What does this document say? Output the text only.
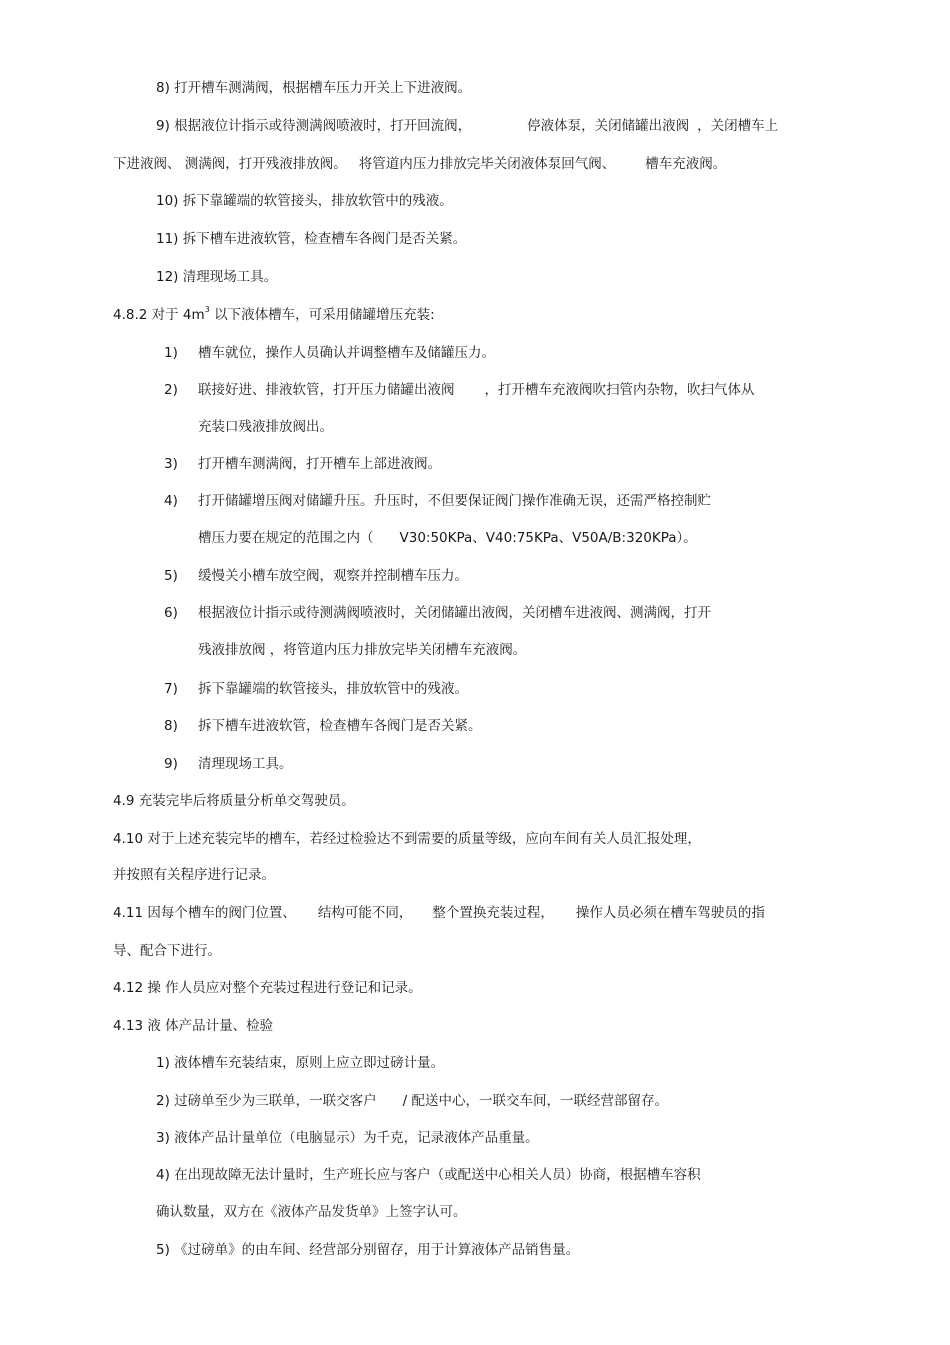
8) 打开槽车测满阀，根据槽车压力开关上下进液阀。
9) 根据液位计指示或待测满阀喷液时，打开回流阀，	停液体泵，关闭储罐出液阀 ，关闭槽车上
下进液阀、 测满阀，打开残液排放阀。 将管道内压力排放完毕关闭液体泵回气阀、 槽车充液阀。
10) 拆下靠罐端的软管接头，排放软管中的残液。
11) 拆下槽车进液软管，检查槽车各阀门是否关紧。
12) 清理现场工具。
4.8.2 对于 $4m^3$ 以下液体槽车，可采用储罐增压充装:
1) 槽车就位，操作人员确认并调整槽车及储罐压力。
2) 联接好进、排液软管，打开压力储罐出液阀 ，打开槽车充液阀吹扫管内杂物，吹扫气体从
充装口残液排放阀出。
3) 打开槽车测满阀，打开槽车上部进液阀。
4) 打开储罐增压阀对储罐升压。升压时，不但要保证阀门操作准确无误，还需严格控制贮
槽压力要在规定的范围之内（ V30:50KPa、V40:75KPa、V50A/B:320KPa）。
5) 缓慢关小槽车放空阀，观察并控制槽车压力。
6) 根据液位计指示或待测满阀喷液时，关闭储罐出液阀，关闭槽车进液阀、测满阀，打开
残液排放阀 ，将管道内压力排放完毕关闭槽车充液阀。
7) 拆下靠罐端的软管接头，排放软管中的残液。
8) 拆下槽车进液软管，检查槽车各阀门是否关紧。
9) 清理现场工具。
4.9 充装完毕后将质量分析单交驾驶员。
4.10 对于上述充装完毕的槽车，若经过检验达不到需要的质量等级，应向车间有关人员汇报处理，
并按照有关程序进行记录。
4.11 因每个槽车的阀门位置、 结构可能不同， 整个置换充装过程， 操作人员必须在槽车驾驶员的指
导、配合下进行。
4.12 操 作人员应对整个充装过程进行登记和记录。
4.13 液 体产品计量、检验
1) 液体槽车充装结束，原则上应立即过磅计量。
2) 过磅单至少为三联单，一联交客户 / 配送中心，一联交车间，一联经营部留存。
3) 液体产品计量单位（电脑显示）为千克，记录液体产品重量。
4) 在出现故障无法计量时，生产班长应与客户（或配送中心相关人员）协商，根据槽车容积
确认数量，双方在《液体产品发货单》上签字认可。
5) 《过磅单》的由车间、经营部分别留存，用于计算液体产品销售量。
